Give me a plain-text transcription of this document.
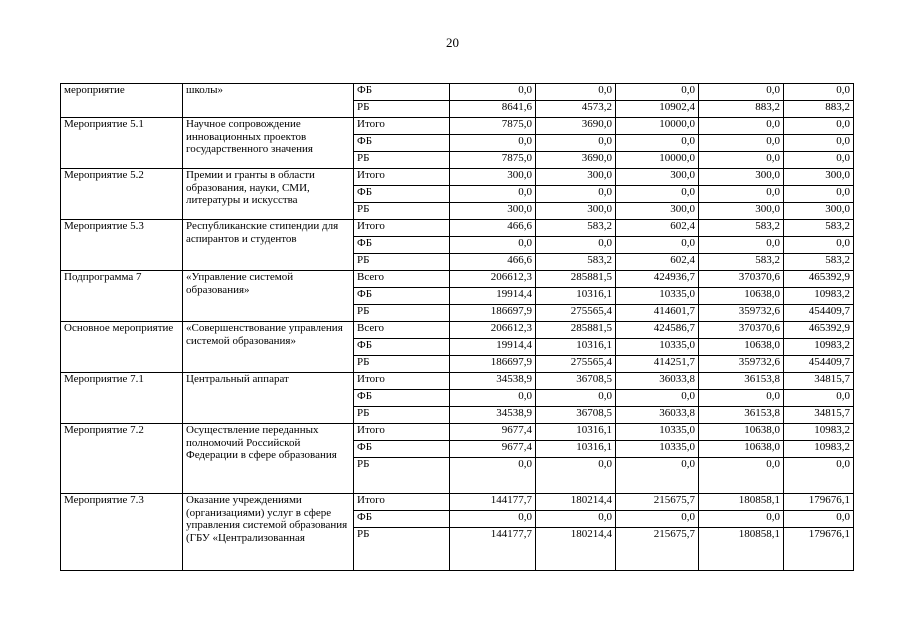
20
мероприятие	школы»	ФБ	0,0	0,0	0,0	0,0	0,0
		РБ	8641,6	4573,2	10902,4	883,2	883,2
Мероприятие 5.1	Научное сопровождение инновационных проектов государственного значения	Итого	7875,0	3690,0	10000,0	0,0	0,0
		ФБ	0,0	0,0	0,0	0,0	0,0
		РБ	7875,0	3690,0	10000,0	0,0	0,0
Мероприятие 5.2	Премии и гранты в области образования, науки, СМИ, литературы и искусства	Итого	300,0	300,0	300,0	300,0	300,0
		ФБ	0,0	0,0	0,0	0,0	0,0
		РБ	300,0	300,0	300,0	300,0	300,0
Мероприятие 5.3	Республиканские стипендии для аспирантов и студентов	Итого	466,6	583,2	602,4	583,2	583,2
		ФБ	0,0	0,0	0,0	0,0	0,0
		РБ	466,6	583,2	602,4	583,2	583,2
Подпрограмма 7	«Управление системой образования»	Всего	206612,3	285881,5	424936,7	370370,6	465392,9
		ФБ	19914,4	10316,1	10335,0	10638,0	10983,2
		РБ	186697,9	275565,4	414601,7	359732,6	454409,7
Основное мероприятие	«Совершенствование управления системой образования»	Всего	206612,3	285881,5	424586,7	370370,6	465392,9
		ФБ	19914,4	10316,1	10335,0	10638,0	10983,2
		РБ	186697,9	275565,4	414251,7	359732,6	454409,7
Мероприятие 7.1	Центральный аппарат	Итого	34538,9	36708,5	36033,8	36153,8	34815,7
		ФБ	0,0	0,0	0,0	0,0	0,0
		РБ	34538,9	36708,5	36033,8	36153,8	34815,7
Мероприятие 7.2	Осуществление переданных полномочий Российской Федерации в сфере образования	Итого	9677,4	10316,1	10335,0	10638,0	10983,2
		ФБ	9677,4	10316,1	10335,0	10638,0	10983,2
		РБ	0,0	0,0	0,0	0,0	0,0
Мероприятие 7.3	Оказание учреждениями (организациями) услуг в сфере управления системой образования (ГБУ «Централизованная	Итого	144177,7	180214,4	215675,7	180858,1	179676,1
		ФБ	0,0	0,0	0,0	0,0	0,0
		РБ	144177,7	180214,4	215675,7	180858,1	179676,1
